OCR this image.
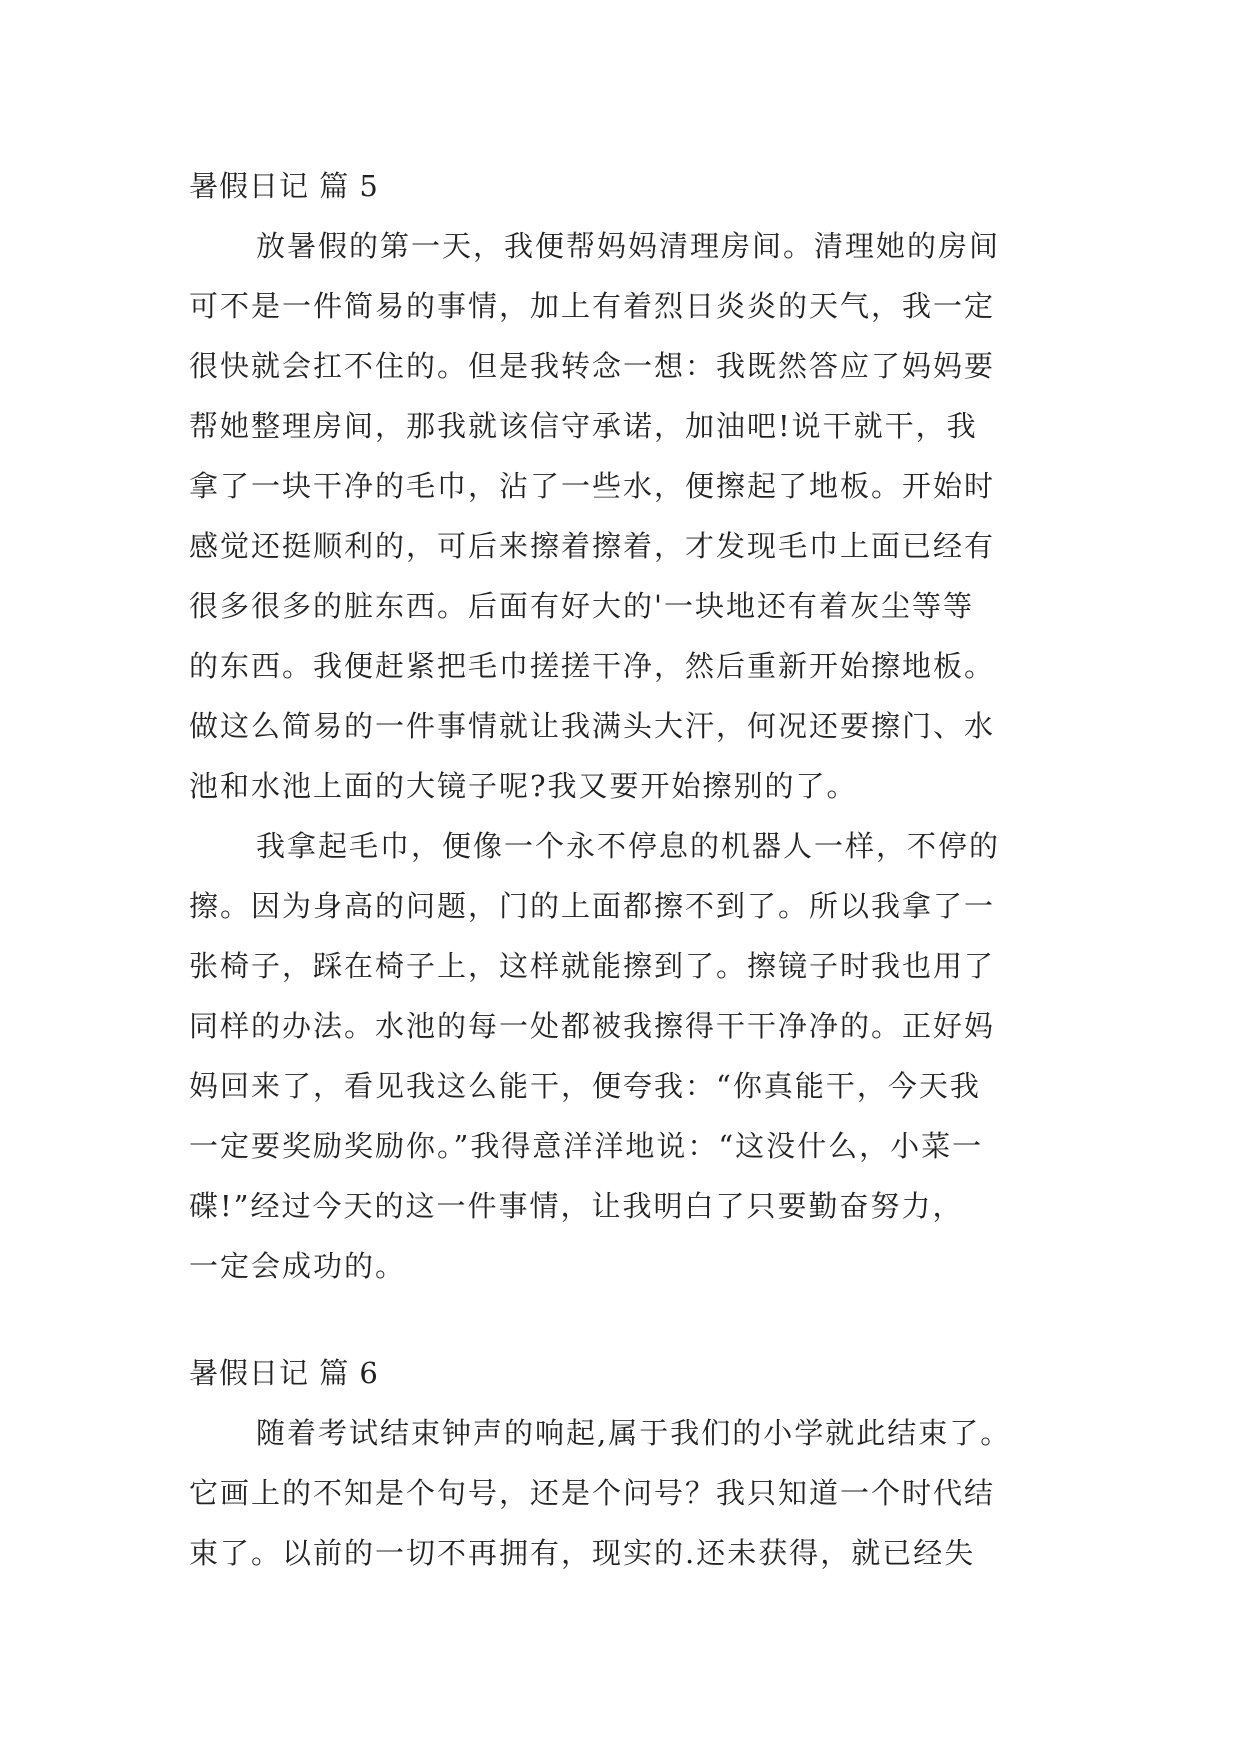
暑假日记 篇 5
放暑假的第一天，我便帮妈妈清理房间。清理她的房间
可不是一件简易的事情，加上有着烈日炎炎的天气，我一定
很快就会扛不住的。但是我转念一想：我既然答应了妈妈要
帮她整理房间，那我就该信守承诺，加油吧!说干就干，我
拿了一块干净的毛巾，沾了一些水，便擦起了地板。开始时
感觉还挺顺利的，可后来擦着擦着，才发现毛巾上面已经有
很多很多的脏东西。后面有好大的'一块地还有着灰尘等等
的东西。我便赶紧把毛巾搓搓干净，然后重新开始擦地板。
做这么简易的一件事情就让我满头大汗，何况还要擦门、水
池和水池上面的大镜子呢?我又要开始擦别的了。
我拿起毛巾，便像一个永不停息的机器人一样，不停的
擦。因为身高的问题，门的上面都擦不到了。所以我拿了一
张椅子，踩在椅子上，这样就能擦到了。擦镜子时我也用了
同样的办法。水池的每一处都被我擦得干干净净的。正好妈
妈回来了，看见我这么能干，便夸我：“你真能干，今天我
一定要奖励奖励你。”我得意洋洋地说：“这没什么，小菜一
碟!”经过今天的这一件事情，让我明白了只要勤奋努力，
一定会成功的。
暑假日记 篇 6
随着考试结束钟声的响起,属于我们的小学就此结束了。
它画上的不知是个句号，还是个问号？我只知道一个时代结
束了。以前的一切不再拥有，现实的.还未获得，就已经失
